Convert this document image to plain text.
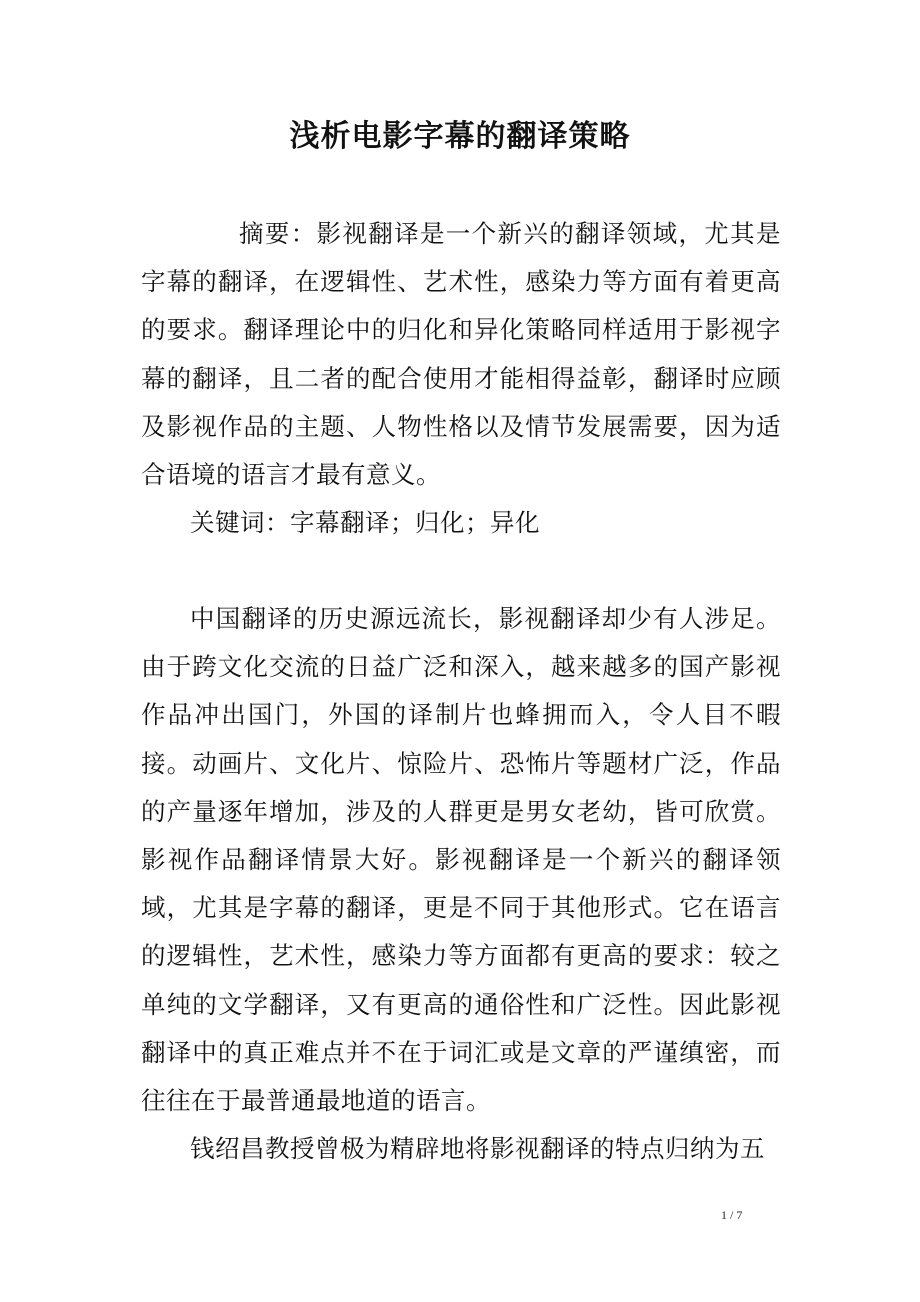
浅析电影字幕的翻译策略

摘要：影视翻译是一个新兴的翻译领域，尤其是字幕的翻译，在逻辑性、艺术性，感染力等方面有着更高的要求。翻译理论中的归化和异化策略同样适用于影视字幕的翻译，且二者的配合使用才能相得益彰，翻译时应顾及影视作品的主题、人物性格以及情节发展需要，因为适合语境的语言才最有意义。

关键词：字幕翻译；归化；异化

中国翻译的历史源远流长，影视翻译却少有人涉足。由于跨文化交流的日益广泛和深入，越来越多的国产影视作品冲出国门，外国的译制片也蜂拥而入，令人目不暇接。动画片、文化片、惊险片、恐怖片等题材广泛，作品的产量逐年增加，涉及的人群更是男女老幼，皆可欣赏。影视作品翻译情景大好。影视翻译是一个新兴的翻译领域，尤其是字幕的翻译，更是不同于其他形式。它在语言的逻辑性，艺术性，感染力等方面都有更高的要求：较之单纯的文学翻译，又有更高的通俗性和广泛性。因此影视翻译中的真正难点并不在于词汇或是文章的严谨缜密，而往往在于最普通最地道的语言。

钱绍昌教授曾极为精辟地将影视翻译的特点归纳为五

1 / 7
